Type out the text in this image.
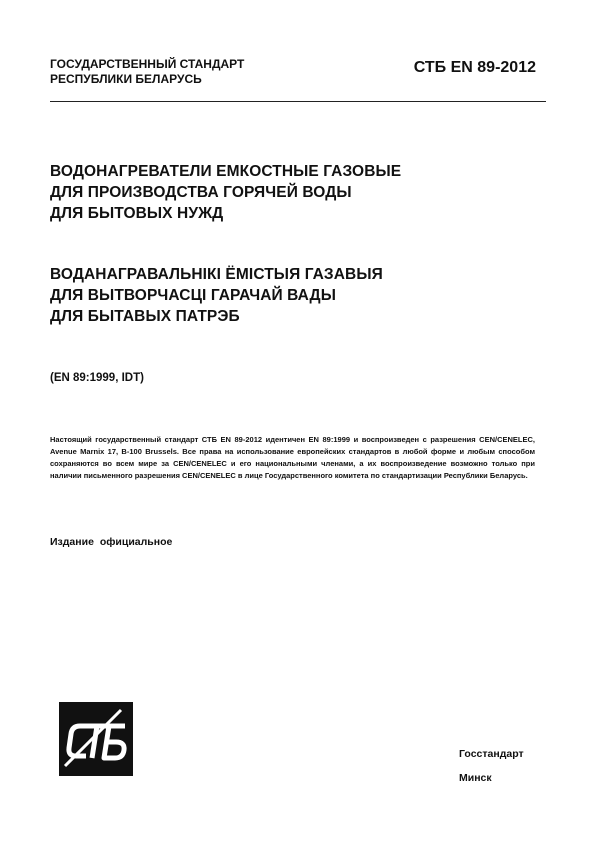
ГОСУДАРСТВЕННЫЙ СТАНДАРТ
РЕСПУБЛИКИ БЕЛАРУСЬ
СТБ EN 89-2012
ВОДОНАГРЕВАТЕЛИ ЕМКОСТНЫЕ ГАЗОВЫЕ
ДЛЯ ПРОИЗВОДСТВА ГОРЯЧЕЙ ВОДЫ
ДЛЯ БЫТОВЫХ НУЖД
ВОДАНАГРАВАЛЬНІКІ ЁМІСТЫЯ ГАЗАВЫЯ
ДЛЯ ВЫТВОРЧАСЦІ ГАРАЧАЙ ВАДЫ
ДЛЯ БЫТАВЫХ ПАТРЭБ
(EN 89:1999, IDT)
Настоящий государственный стандарт СТБ EN 89-2012 идентичен EN 89:1999 и воспроизведен с разрешения CEN/CENELEC, Avenue Marnix 17, B-100 Brussels. Все права на использование европейских стандартов в любой форме и любым способом сохраняются во всем мире за CEN/CENELEC и его национальными членами, а их воспроизведение возможно только при наличии письменного разрешения CEN/CENELEC в лице Государственного комитета по стандартизации Республики Беларусь.
Издание официальное
Госстандарт
Минск
